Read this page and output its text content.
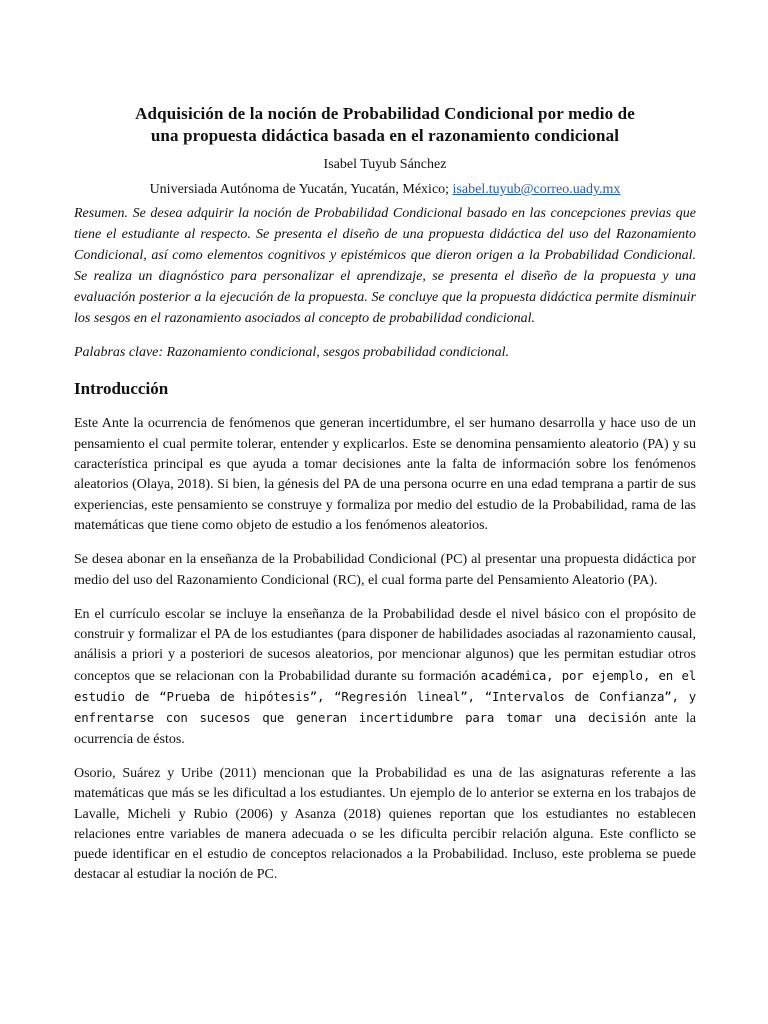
Adquisición de la noción de Probabilidad Condicional por medio de
una propuesta didáctica basada en el razonamiento condicional
Isabel Tuyub Sánchez
Universiada Autónoma de Yucatán, Yucatán, México; isabel.tuyub@correo.uady.mx

Resumen. Se desea adquirir la noción de Probabilidad Condicional basado en las concepciones previas que tiene el estudiante al respecto. Se presenta el diseño de una propuesta didáctica del uso del Razonamiento Condicional, así como elementos cognitivos y epistémicos que dieron origen a la Probabilidad Condicional. Se realiza un diagnóstico para personalizar el aprendizaje, se presenta el diseño de la propuesta y una evaluación posterior a la ejecución de la propuesta. Se concluye que la propuesta didáctica permite disminuir los sesgos en el razonamiento asociados al concepto de probabilidad condicional.

Palabras clave: Razonamiento condicional, sesgos probabilidad condicional.

Introducción

Este Ante la ocurrencia de fenómenos que generan incertidumbre, el ser humano desarrolla y hace uso de un pensamiento el cual permite tolerar, entender y explicarlos. Este se denomina pensamiento aleatorio (PA) y su característica principal es que ayuda a tomar decisiones ante la falta de información sobre los fenómenos aleatorios (Olaya, 2018). Si bien, la génesis del PA de una persona ocurre en una edad temprana a partir de sus experiencias, este pensamiento se construye y formaliza por medio del estudio de la Probabilidad, rama de las matemáticas que tiene como objeto de estudio a los fenómenos aleatorios.

Se desea abonar en la enseñanza de la Probabilidad Condicional (PC) al presentar una propuesta didáctica por medio del uso del Razonamiento Condicional (RC), el cual forma parte del Pensamiento Aleatorio (PA).

En el currículo escolar se incluye la enseñanza de la Probabilidad desde el nivel básico con el propósito de construir y formalizar el PA de los estudiantes (para disponer de habilidades asociadas al razonamiento causal, análisis a priori y a posteriori de sucesos aleatorios, por mencionar algunos) que les permitan estudiar otros conceptos que se relacionan con la Probabilidad durante su formación académica, por ejemplo, en el estudio de “Prueba de hipótesis”, “Regresión lineal”, “Intervalos de Confianza”, y enfrentarse con sucesos que generan incertidumbre para tomar una decisión ante la ocurrencia de éstos.

Osorio, Suárez y Uribe (2011) mencionan que la Probabilidad es una de las asignaturas referente a las matemáticas que más se les dificultad a los estudiantes. Un ejemplo de lo anterior se externa en los trabajos de Lavalle, Micheli y Rubio (2006) y Asanza (2018) quienes reportan que los estudiantes no establecen relaciones entre variables de manera adecuada o se les dificulta percibir relación alguna. Este conflicto se puede identificar en el estudio de conceptos relacionados a la Probabilidad. Incluso, este problema se puede destacar al estudiar la noción de PC.
